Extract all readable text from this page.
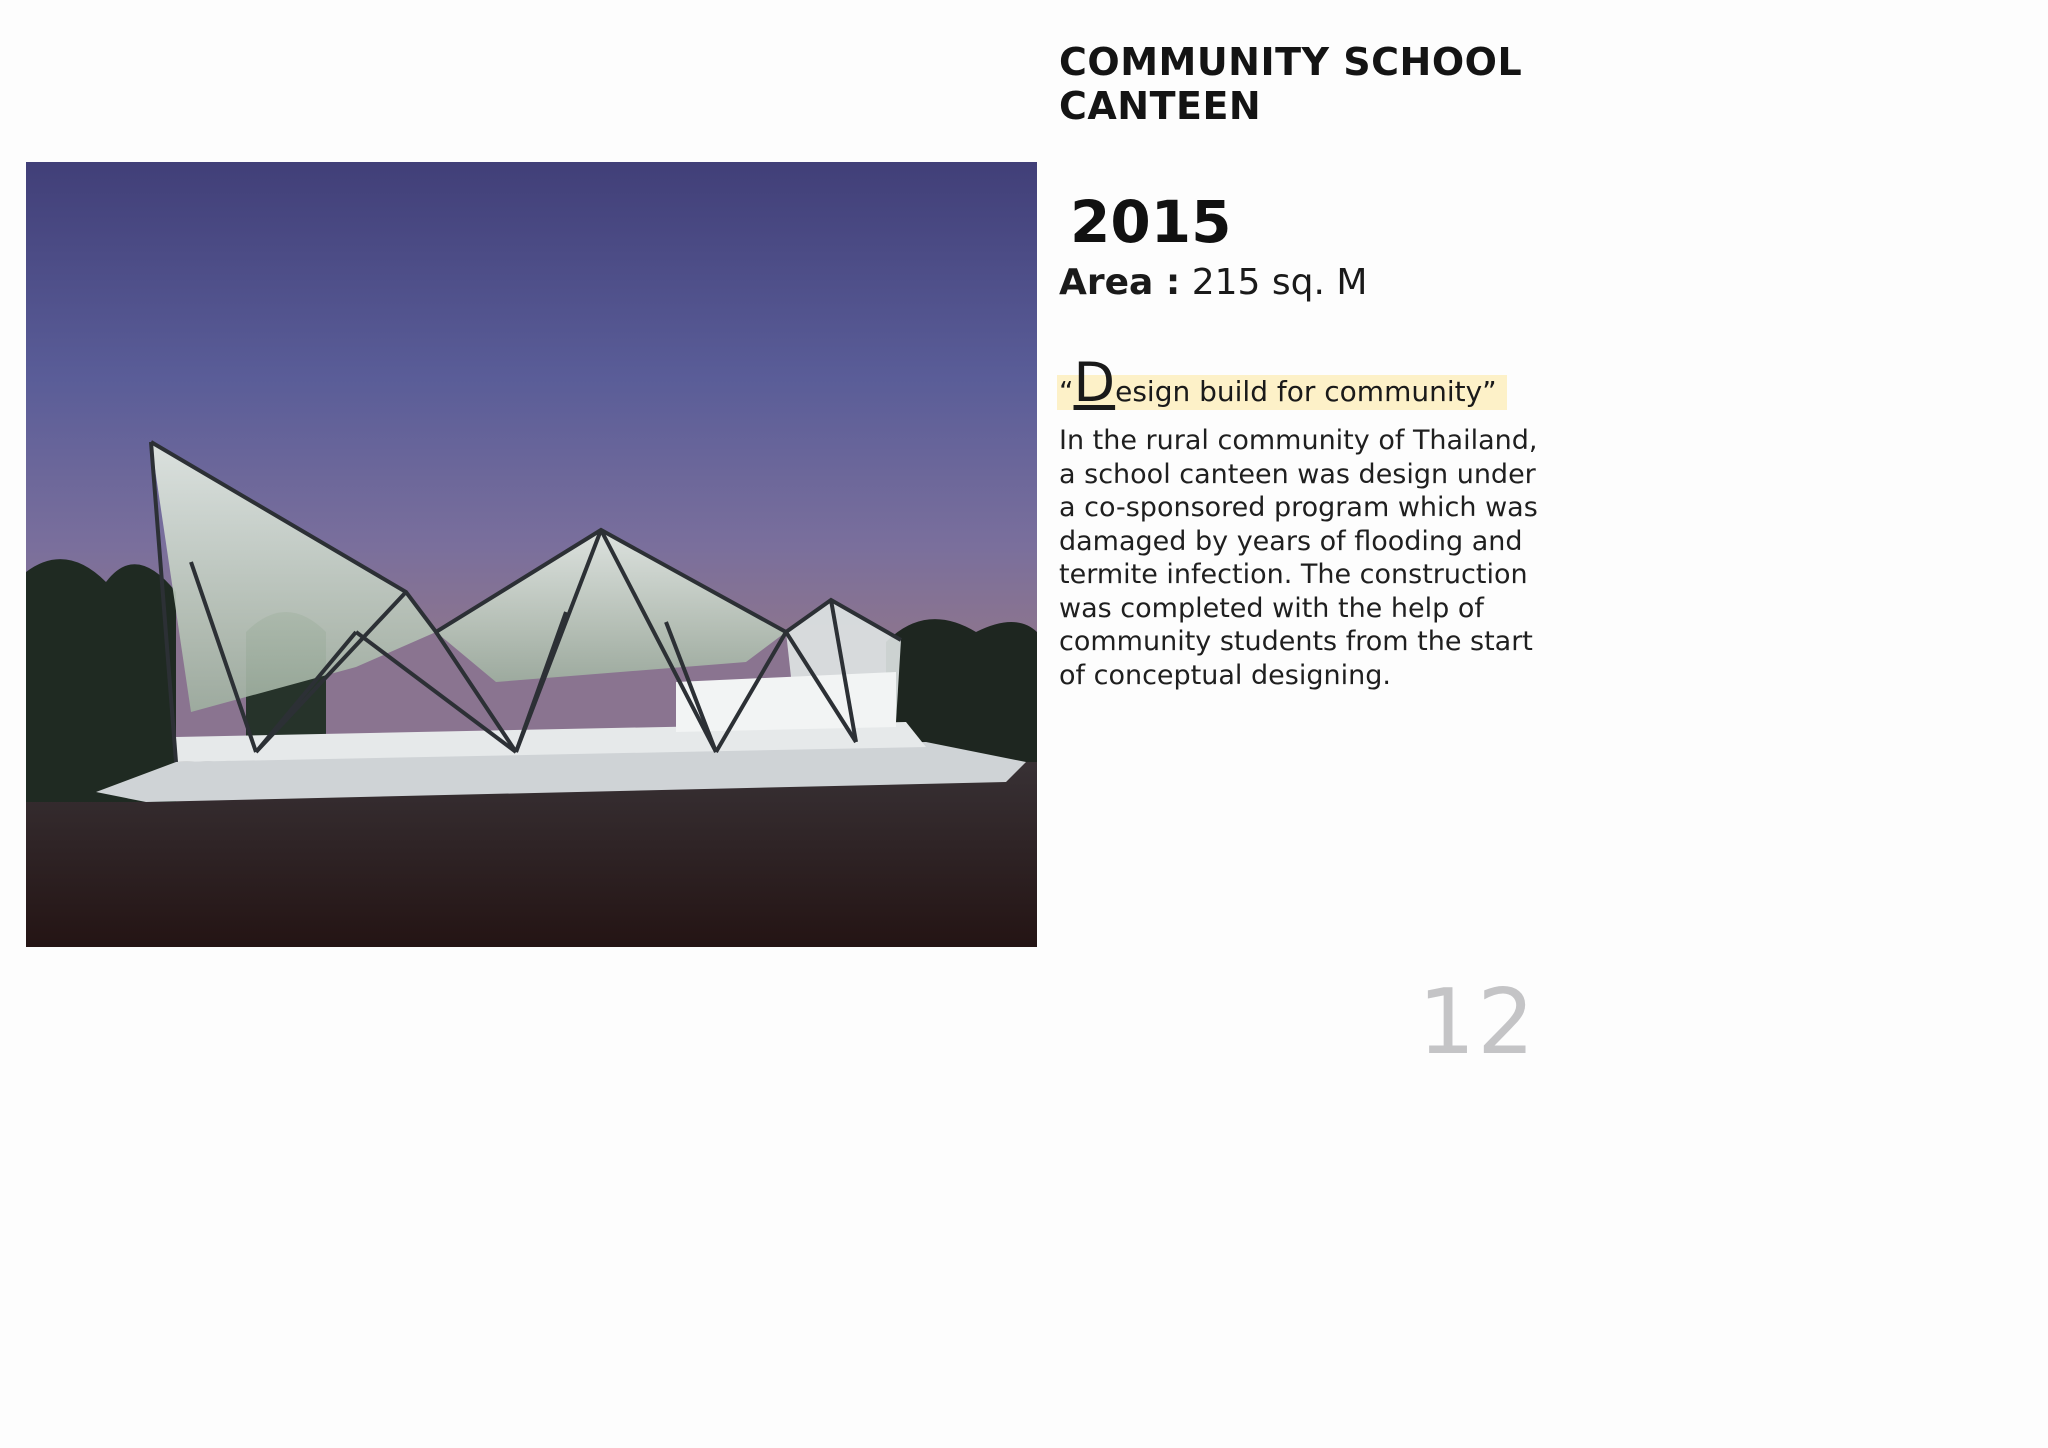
COMMUNITY SCHOOL
CANTEEN
2015
Area : 215 sq. M
“Design build for community”

In the rural community of Thailand, a school canteen was design under a co-sponsored program which was damaged by years of flooding and termite infection. The construction was completed with the help of community students from the start of conceptual designing.

12
